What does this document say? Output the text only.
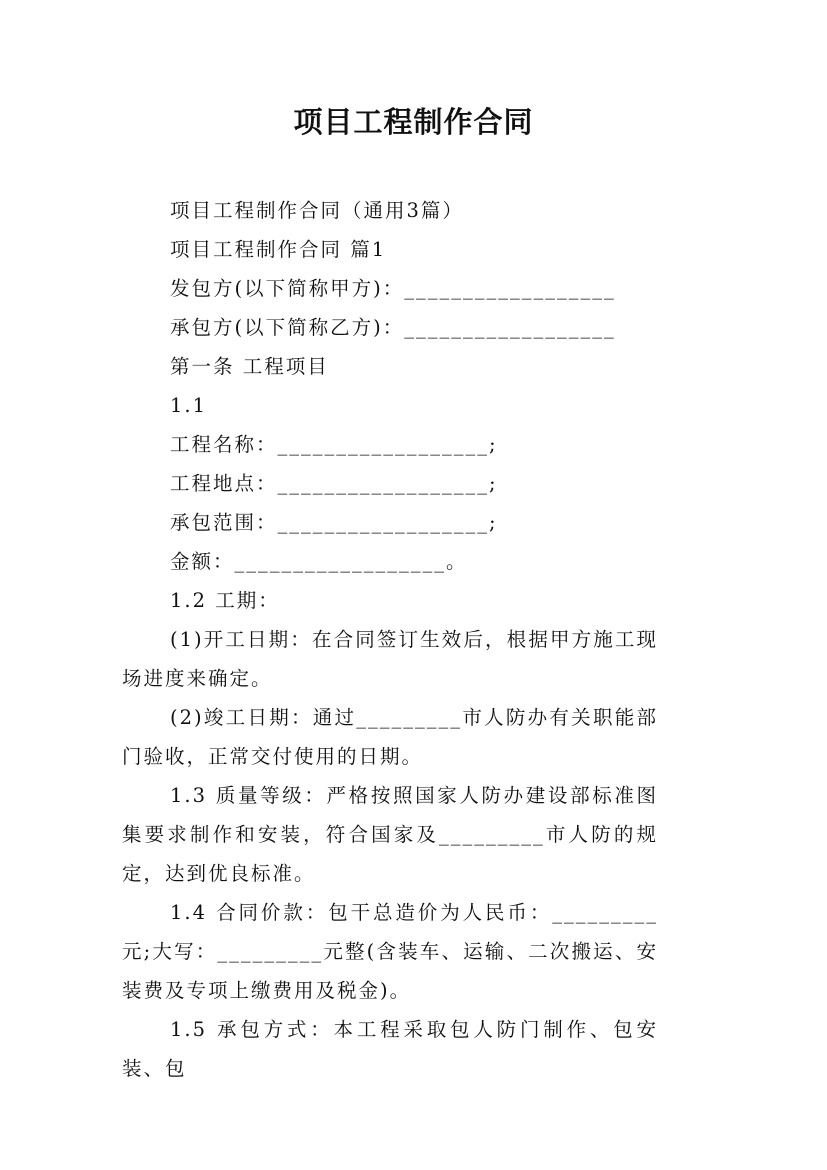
项目工程制作合同

项目工程制作合同（通用3篇）

项目工程制作合同 篇1

发包方(以下简称甲方)：__________________

承包方(以下简称乙方)：__________________

第一条 工程项目

1.1

工程名称：__________________;

工程地点：__________________;

承包范围：__________________;

金额：__________________。

1.2 工期：

(1)开工日期：在合同签订生效后，根据甲方施工现场进度来确定。

(2)竣工日期：通过_________市人防办有关职能部门验收，正常交付使用的日期。

1.3 质量等级：严格按照国家人防办建设部标准图集要求制作和安装，符合国家及_________市人防的规定，达到优良标准。

1.4 合同价款：包干总造价为人民币：_________元;大写：_________元整(含装车、运输、二次搬运、安装费及专项上缴费用及税金)。

1.5 承包方式：本工程采取包人防门制作、包安装、包
